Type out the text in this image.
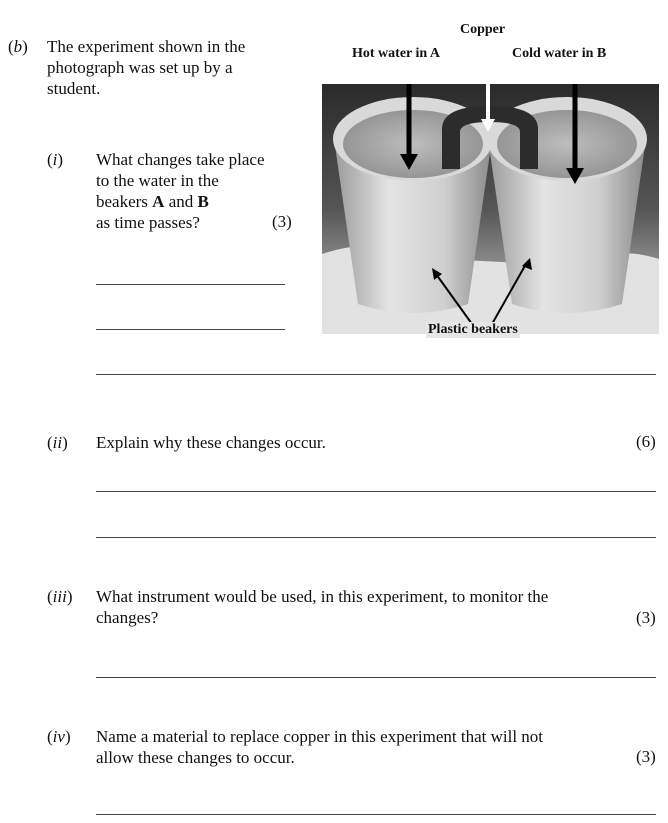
(b) The experiment shown in the
photograph was set up by a
student.
(i) What changes take place
to the water in the
beakers A and B
as time passes?	(3)
Copper
Hot water in A	Cold water in B
Plastic beakers
(ii) Explain why these changes occur.	(6)
(iii) What instrument would be used, in this experiment, to monitor the
changes?	(3)
(iv) Name a material to replace copper in this experiment that will not
allow these changes to occur.	(3)
